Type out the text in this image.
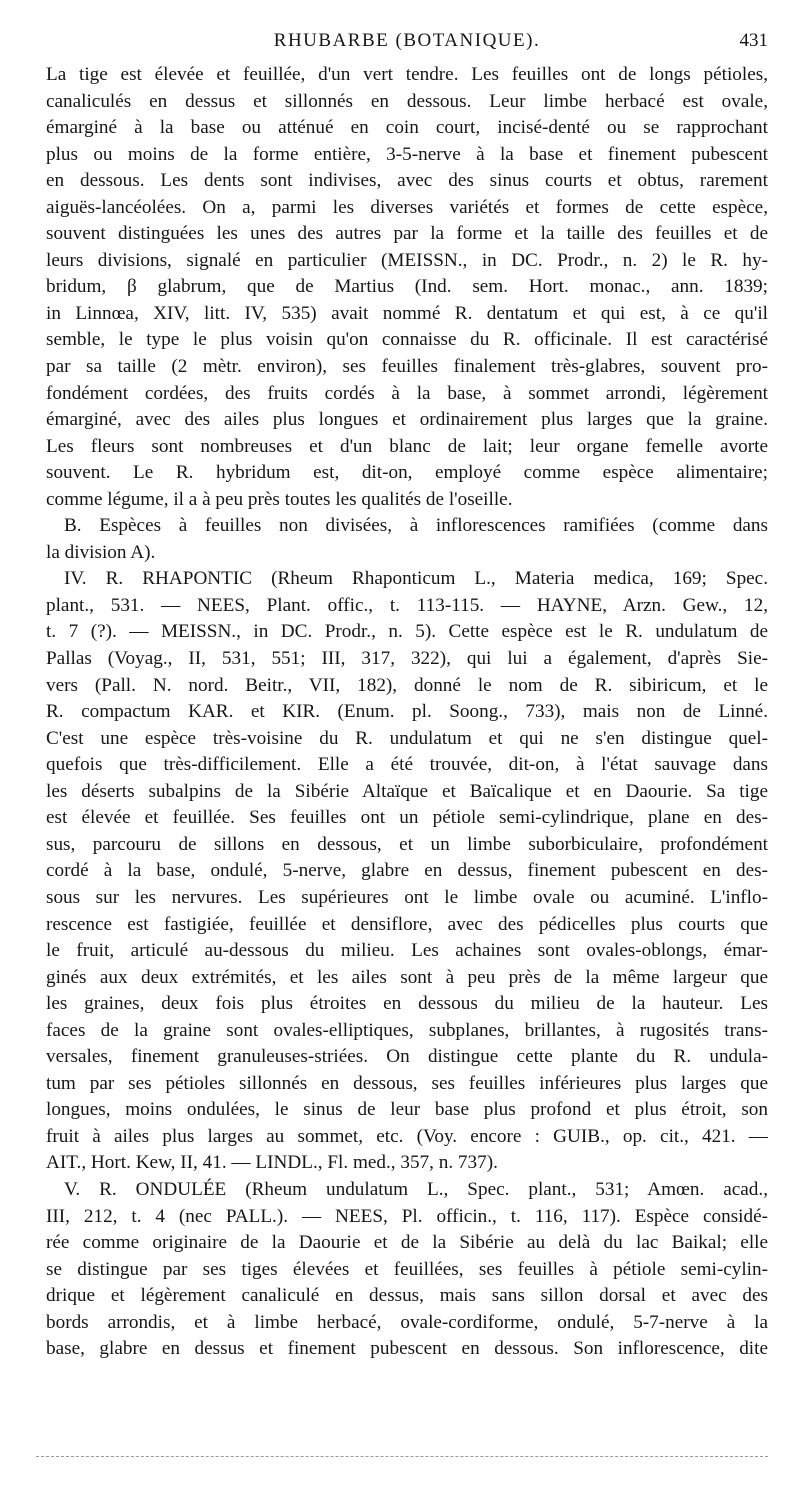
RHUBARBE (BOTANIQUE).	431
La tige est élevée et feuillée, d'un vert tendre. Les feuilles ont de longs pétioles,
canaliculés en dessus et sillonnés en dessous. Leur limbe herbacé est ovale,
émarginé à la base ou atténué en coin court, incisé-denté ou se rapprochant
plus ou moins de la forme entière, 3-5-nerve à la base et finement pubescent
en dessous. Les dents sont indivises, avec des sinus courts et obtus, rarement
aiguës-lancéolées. On a, parmi les diverses variétés et formes de cette espèce,
souvent distinguées les unes des autres par la forme et la taille des feuilles et de
leurs divisions, signalé en particulier (MEISSN., in DC. Prodr., n. 2) le R. hy-
bridum, β glabrum, que de Martius (Ind. sem. Hort. monac., ann. 1839;
in Linnœa, XIV, litt. IV, 535) avait nommé R. dentatum et qui est, à ce qu'il
semble, le type le plus voisin qu'on connaisse du R. officinale. Il est caractérisé
par sa taille (2 mètr. environ), ses feuilles finalement très-glabres, souvent pro-
fondément cordées, des fruits cordés à la base, à sommet arrondi, légèrement
émarginé, avec des ailes plus longues et ordinairement plus larges que la graine.
Les fleurs sont nombreuses et d'un blanc de lait; leur organe femelle avorte
souvent. Le R. hybridum est, dit-on, employé comme espèce alimentaire;
comme légume, il a à peu près toutes les qualités de l'oseille.
B. Espèces à feuilles non divisées, à inflorescences ramifiées (comme dans
la division A).
IV. R. RHAPONTIC (Rheum Rhaponticum L., Materia medica, 169; Spec.
plant., 531. — NEES, Plant. offic., t. 113-115. — HAYNE, Arzn. Gew., 12,
t. 7 (?). — MEISSN., in DC. Prodr., n. 5). Cette espèce est le R. undulatum de
Pallas (Voyag., II, 531, 551; III, 317, 322), qui lui a également, d'après Sie-
vers (Pall. N. nord. Beitr., VII, 182), donné le nom de R. sibiricum, et le
R. compactum KAR. et KIR. (Enum. pl. Soong., 733), mais non de Linné.
C'est une espèce très-voisine du R. undulatum et qui ne s'en distingue quel-
quefois que très-difficilement. Elle a été trouvée, dit-on, à l'état sauvage dans
les déserts subalpins de la Sibérie Altaïque et Baïcalique et en Daourie. Sa tige
est élevée et feuillée. Ses feuilles ont un pétiole semi-cylindrique, plane en des-
sus, parcouru de sillons en dessous, et un limbe suborbiculaire, profondément
cordé à la base, ondulé, 5-nerve, glabre en dessus, finement pubescent en des-
sous sur les nervures. Les supérieures ont le limbe ovale ou acuminé. L'inflo-
rescence est fastigiée, feuillée et densiflore, avec des pédicelles plus courts que
le fruit, articulé au-dessous du milieu. Les achaines sont ovales-oblongs, émar-
ginés aux deux extrémités, et les ailes sont à peu près de la même largeur que
les graines, deux fois plus étroites en dessous du milieu de la hauteur. Les
faces de la graine sont ovales-elliptiques, subplanes, brillantes, à rugosités trans-
versales, finement granuleuses-striées. On distingue cette plante du R. undula-
tum par ses pétioles sillonnés en dessous, ses feuilles inférieures plus larges que
longues, moins ondulées, le sinus de leur base plus profond et plus étroit, son
fruit à ailes plus larges au sommet, etc. (Voy. encore : GUIB., op. cit., 421. —
AIT., Hort. Kew, II, 41. — LINDL., Fl. med., 357, n. 737).
V. R. ONDULÉE (Rheum undulatum L., Spec. plant., 531; Amœn. acad.,
III, 212, t. 4 (nec PALL.). — NEES, Pl. officin., t. 116, 117). Espèce considé-
rée comme originaire de la Daourie et de la Sibérie au delà du lac Baikal; elle
se distingue par ses tiges élevées et feuillées, ses feuilles à pétiole semi-cylin-
drique et légèrement canaliculé en dessus, mais sans sillon dorsal et avec des
bords arrondis, et à limbe herbacé, ovale-cordiforme, ondulé, 5-7-nerve à la
base, glabre en dessus et finement pubescent en dessous. Son inflorescence, dite
